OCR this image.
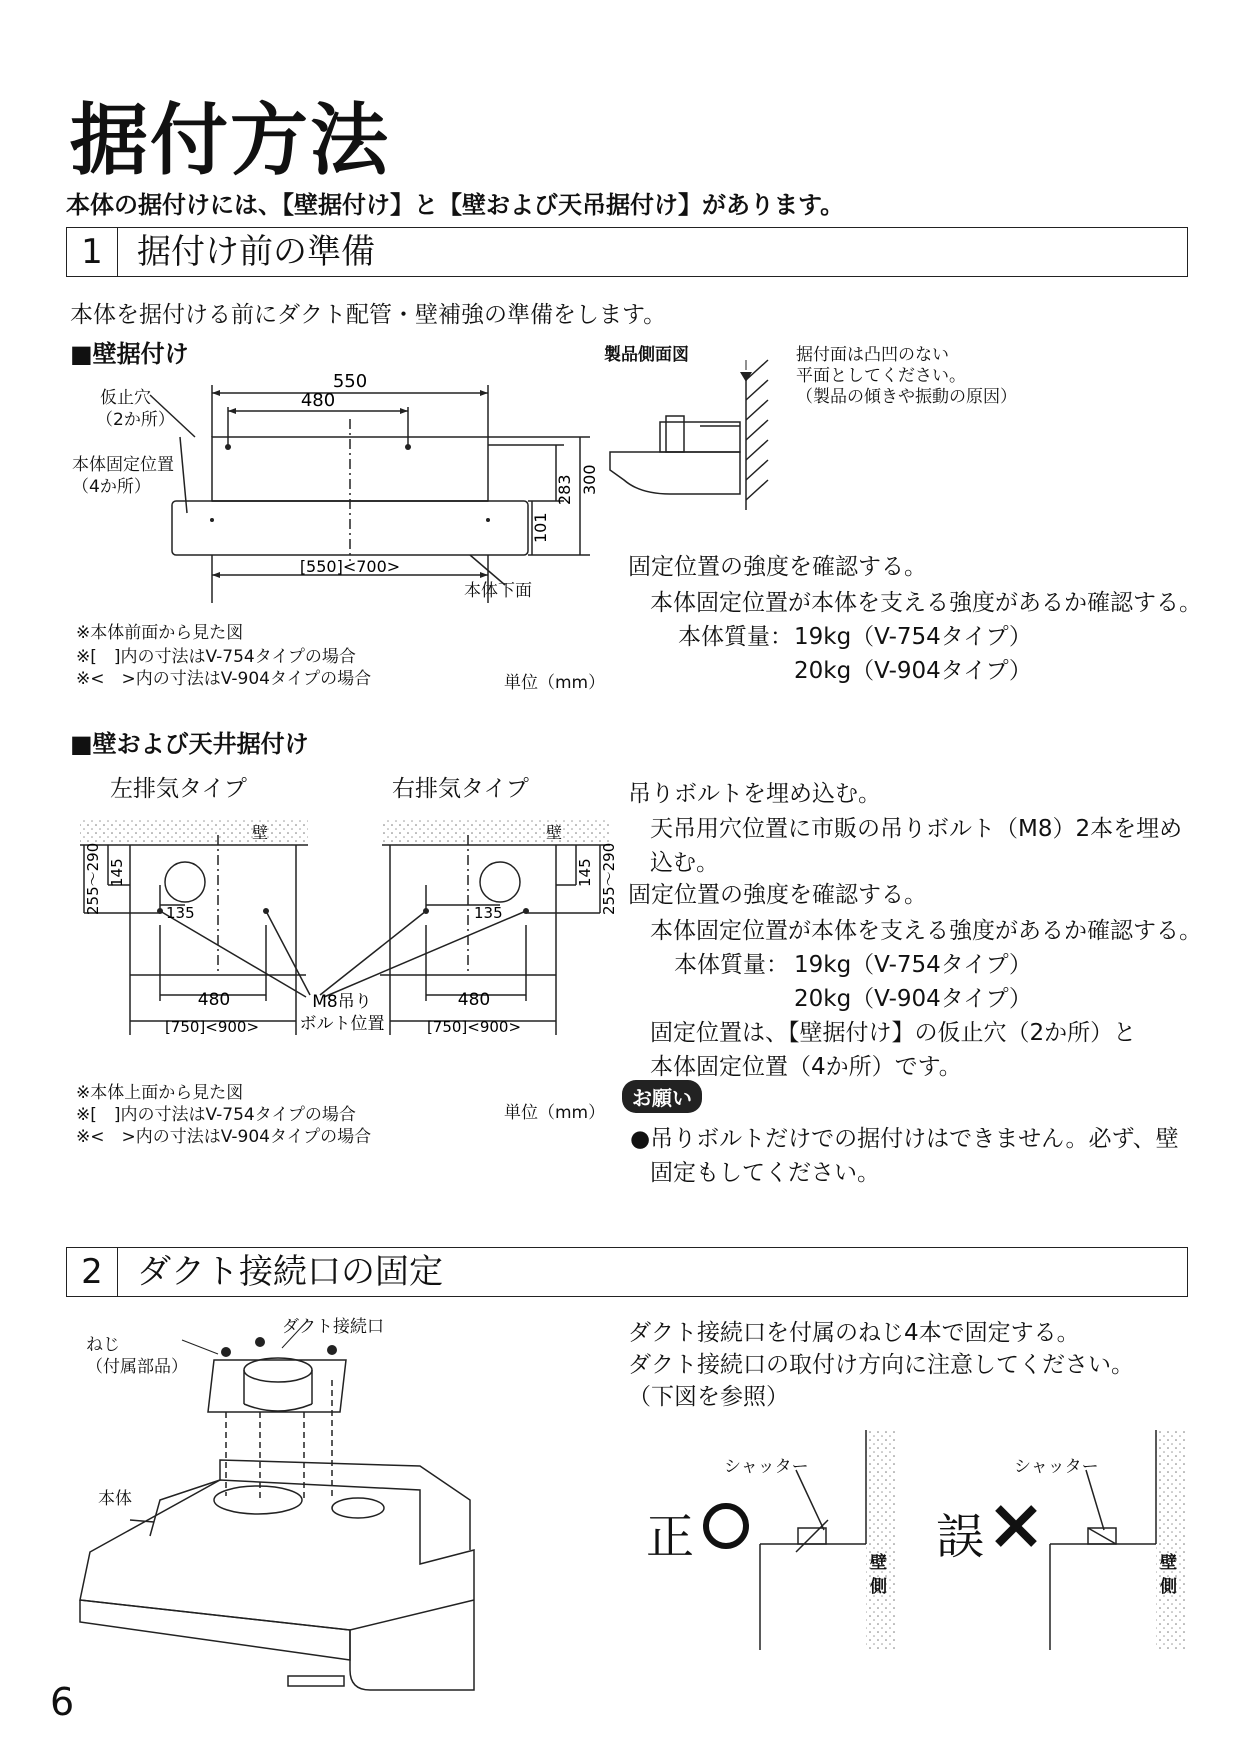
据付方法
本体の据付けには、【壁据付け】と【壁および天吊据付け】があります。
1	据付け前の準備
本体を据付ける前にダクト配管・壁補強の準備をします。
■壁据付け
550
480
[550]<700>
300
283
101
仮止穴
（2か所）
本体固定位置
（4か所）
本体下面
※本体前面から見た図
※[　]内の寸法はV-754タイプの場合
※<　>内の寸法はV-904タイプの場合	単位（mm）
製品側面図	据付面は凸凹のない
平面としてください。
（製品の傾きや振動の原因）
固定位置の強度を確認する。
本体固定位置が本体を支える強度があるか確認する。
本体質量： 19kg（V-754タイプ）
20kg（V-904タイプ）
■壁および天井据付け
左排気タイプ	右排気タイプ
壁	壁
145
255～290	135
480
[750]<900>
145 255～290
135
480
[750]<900>
M8吊り
ボルト位置
※本体上面から見た図
※[　]内の寸法はV-754タイプの場合
※<　>内の寸法はV-904タイプの場合
単位（mm）
吊りボルトを埋め込む。
天吊用穴位置に市販の吊りボルト（M8）2本を埋め
込む。
固定位置の強度を確認する。
本体固定位置が本体を支える強度があるか確認する。
本体質量： 19kg（V-754タイプ）
20kg（V-904タイプ）
固定位置は、【壁据付け】の仮止穴（2か所）と
本体固定位置（4か所）です。
お願い
●吊りボルトだけでの据付けはできません。必ず、壁
固定もしてください。
2	ダクト接続口の固定
ねじ
（付属部品）
ダクト接続口
本体
ダクト接続口を付属のねじ4本で固定する。
ダクト接続口の取付け方向に注意してください。
（下図を参照）
正	誤
シャッター
壁
側
シャッター
壁
側
6
